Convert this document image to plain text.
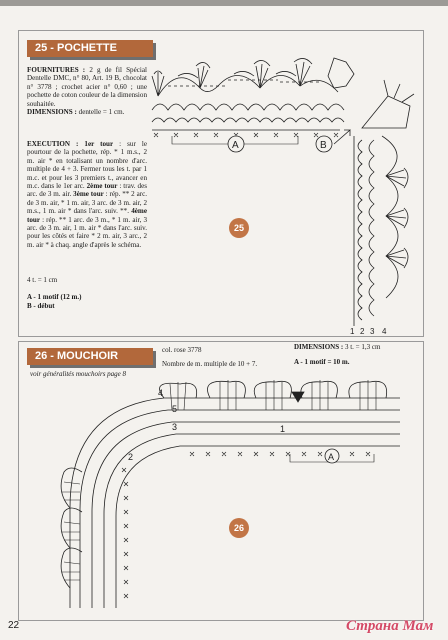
25 - POCHETTE
FOURNITURES : 2 g de fil Spécial Dentelle DMC, n° 80, Art. 19 B, chocolat n° 3778 ; crochet acier n° 0,60 ; une pochette de coton couleur de la dimension souhaitée.
DIMENSIONS : dentelle = 1 cm.
EXECUTION : 1er tour : sur le pourtour de la pochette, rép. * 1 m.s., 2 m. air * en totalisant un nombre d'arc. multiple de 4 + 3. Fermer tous les t. par 1 m.c. et pour les 3 premiers t., avancer en m.c. dans le 1er arc. 2ème tour : trav. des arc. de 3 m. air. 3ème tour : rép. ** 2 arc. de 3 m. air, * 1 m. air, 3 arc. de 3 m. air, 2 m.s., 1 m. air * dans l'arc. suiv. **. 4ème tour : rép. ** 1 arc. de 3 m., * 1 m. air, 3 arc. de 3 m. air, 1 m. air * dans l'arc. suiv. pour les côtés et faire * 2 m. air, 3 arc., 2 m. air * à chaq. angle d'après le schéma.
4 t. = 1 cm
A - 1 motif (12 m.)
B - début
A	B
1 2 3 4
25
26 - MOUCHOIR
voir généralités mouchoirs page 8
col. rose 3778
Nombre de m. multiple de 10 + 7.
DIMENSIONS : 3 t. = 1,3 cm
A - 1 motif = 10 m.
A
1
2
3
4
5
26
22	Страна Мам
